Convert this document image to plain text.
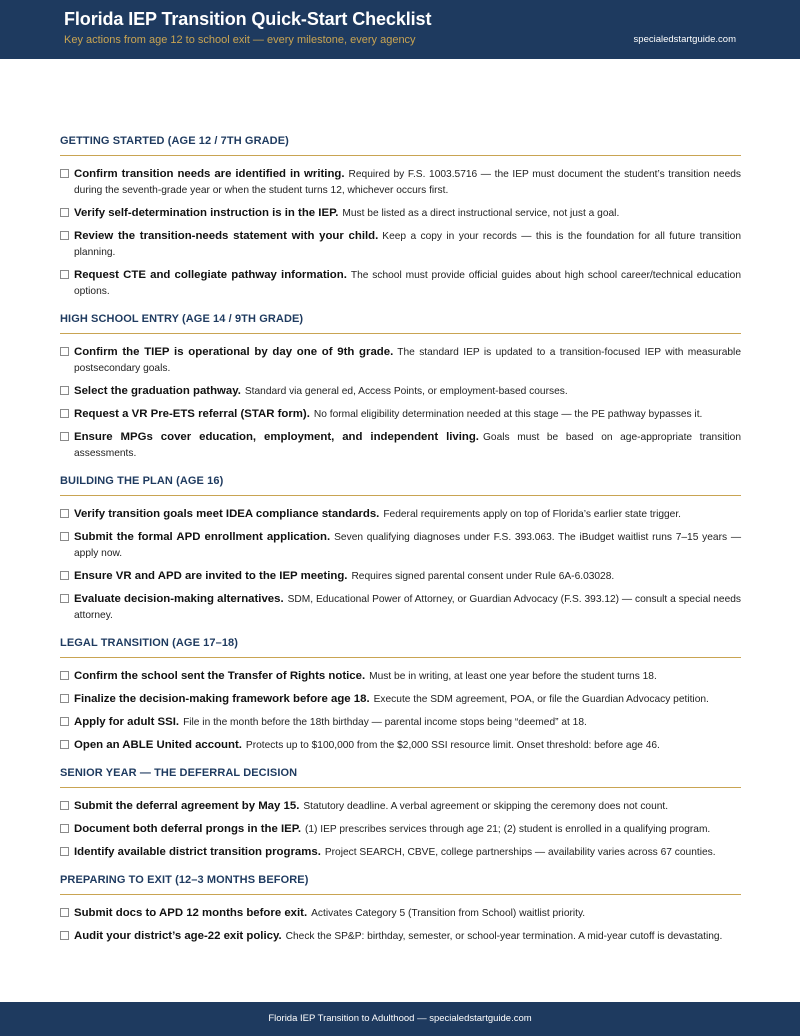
Florida IEP Transition Quick-Start Checklist
Key actions from age 12 to school exit — every milestone, every agency	specialedstartguide.com
GETTING STARTED (AGE 12 / 7TH GRADE)
Confirm transition needs are identified in writing. Required by F.S. 1003.5716 — the IEP must document the student’s transition needs during the seventh-grade year or when the student turns 12, whichever occurs first.
Verify self-determination instruction is in the IEP. Must be listed as a direct instructional service, not just a goal.
Review the transition-needs statement with your child. Keep a copy in your records — this is the foundation for all future transition planning.
Request CTE and collegiate pathway information. The school must provide official guides about high school career/technical education options.
HIGH SCHOOL ENTRY (AGE 14 / 9TH GRADE)
Confirm the TIEP is operational by day one of 9th grade. The standard IEP is updated to a transition-focused IEP with measurable postsecondary goals.
Select the graduation pathway. Standard via general ed, Access Points, or employment-based courses.
Request a VR Pre-ETS referral (STAR form). No formal eligibility determination needed at this stage — the PE pathway bypasses it.
Ensure MPGs cover education, employment, and independent living. Goals must be based on age-appropriate transition assessments.
BUILDING THE PLAN (AGE 16)
Verify transition goals meet IDEA compliance standards. Federal requirements apply on top of Florida’s earlier state trigger.
Submit the formal APD enrollment application. Seven qualifying diagnoses under F.S. 393.063. The iBudget waitlist runs 7–15 years — apply now.
Ensure VR and APD are invited to the IEP meeting. Requires signed parental consent under Rule 6A-6.03028.
Evaluate decision-making alternatives. SDM, Educational Power of Attorney, or Guardian Advocacy (F.S. 393.12) — consult a special needs attorney.
LEGAL TRANSITION (AGE 17–18)
Confirm the school sent the Transfer of Rights notice. Must be in writing, at least one year before the student turns 18.
Finalize the decision-making framework before age 18. Execute the SDM agreement, POA, or file the Guardian Advocacy petition.
Apply for adult SSI. File in the month before the 18th birthday — parental income stops being “deemed” at 18.
Open an ABLE United account. Protects up to $100,000 from the $2,000 SSI resource limit. Onset threshold: before age 46.
SENIOR YEAR — THE DEFERRAL DECISION
Submit the deferral agreement by May 15. Statutory deadline. A verbal agreement or skipping the ceremony does not count.
Document both deferral prongs in the IEP. (1) IEP prescribes services through age 21; (2) student is enrolled in a qualifying program.
Identify available district transition programs. Project SEARCH, CBVE, college partnerships — availability varies across 67 counties.
PREPARING TO EXIT (12–3 MONTHS BEFORE)
Submit docs to APD 12 months before exit. Activates Category 5 (Transition from School) waitlist priority.
Audit your district’s age-22 exit policy. Check the SP&P: birthday, semester, or school-year termination. A mid-year cutoff is devastating.
Florida IEP Transition to Adulthood — specialedstartguide.com
